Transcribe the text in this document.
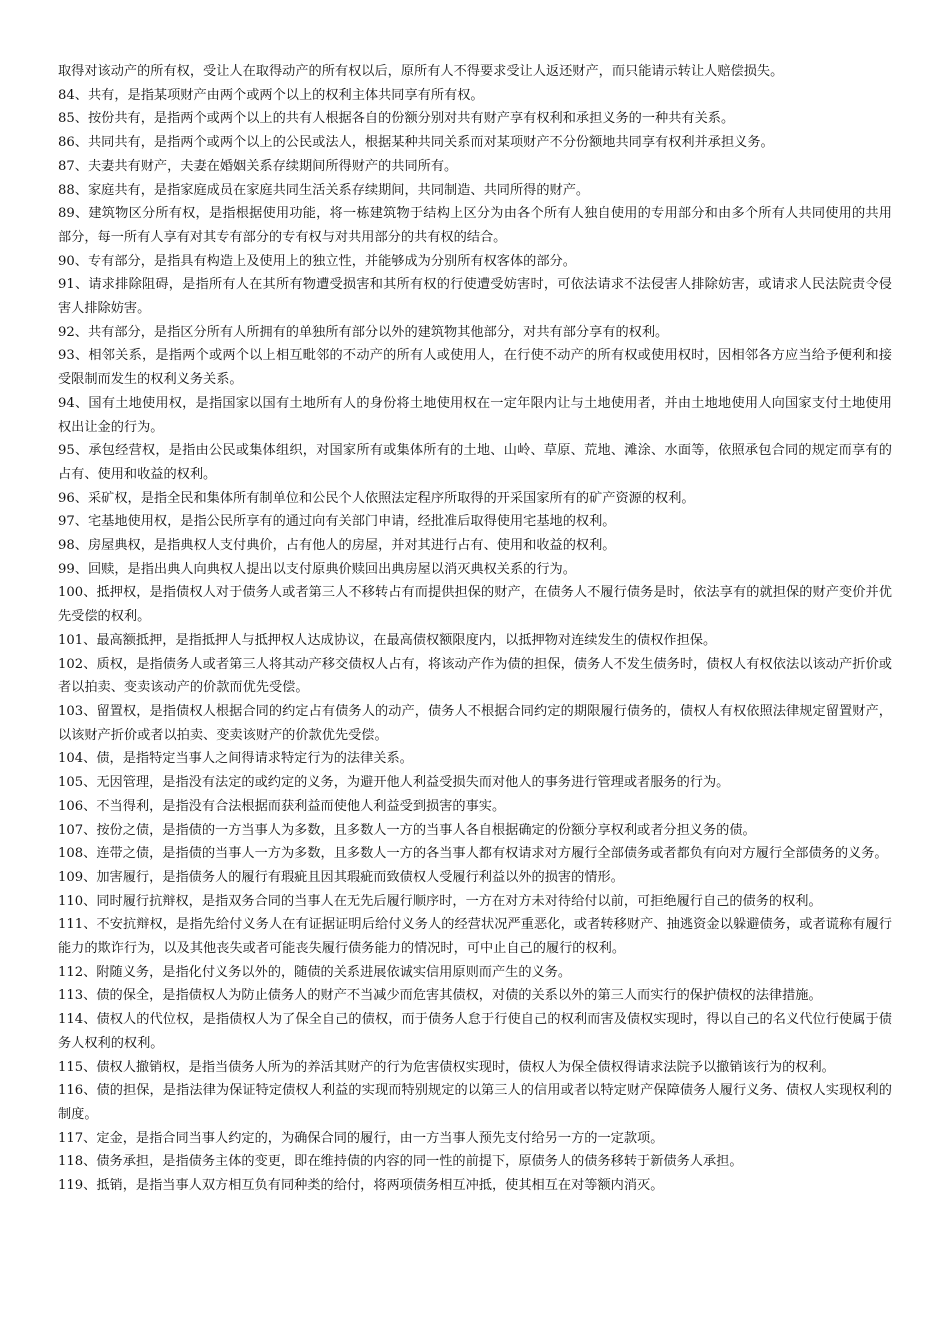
取得对该动产的所有权，受让人在取得动产的所有权以后，原所有人不得要求受让人返还财产，而只能请示转让人赔偿损失。

84、共有，是指某项财产由两个或两个以上的权利主体共同享有所有权。

85、按份共有，是指两个或两个以上的共有人根据各自的份额分别对共有财产享有权利和承担义务的一种共有关系。

86、共同共有，是指两个或两个以上的公民或法人，根据某种共同关系而对某项财产不分份额地共同享有权利并承担义务。

87、夫妻共有财产，夫妻在婚姻关系存续期间所得财产的共同所有。

88、家庭共有，是指家庭成员在家庭共同生活关系存续期间，共同制造、共同所得的财产。

89、建筑物区分所有权，是指根据使用功能，将一栋建筑物于结构上区分为由各个所有人独自使用的专用部分和由多个所有人共同使用的共用部分，每一所有人享有对其专有部分的专有权与对共用部分的共有权的结合。

90、专有部分，是指具有构造上及使用上的独立性，并能够成为分别所有权客体的部分。

91、请求排除阻碍，是指所有人在其所有物遭受损害和其所有权的行使遭受妨害时，可依法请求不法侵害人排除妨害，或请求人民法院责令侵害人排除妨害。

92、共有部分，是指区分所有人所拥有的单独所有部分以外的建筑物其他部分，对共有部分享有的权利。

93、相邻关系，是指两个或两个以上相互毗邻的不动产的所有人或使用人，在行使不动产的所有权或使用权时，因相邻各方应当给予便利和接受限制而发生的权利义务关系。

94、国有土地使用权，是指国家以国有土地所有人的身份将土地使用权在一定年限内让与土地使用者，并由土地地使用人向国家支付土地使用权出让金的行为。

95、承包经营权，是指由公民或集体组织，对国家所有或集体所有的土地、山岭、草原、荒地、滩涂、水面等，依照承包合同的规定而享有的占有、使用和收益的权利。

96、采矿权，是指全民和集体所有制单位和公民个人依照法定程序所取得的开采国家所有的矿产资源的权利。

97、宅基地使用权，是指公民所享有的通过向有关部门申请，经批准后取得使用宅基地的权利。

98、房屋典权，是指典权人支付典价，占有他人的房屋，并对其进行占有、使用和收益的权利。

99、回赎，是指出典人向典权人提出以支付原典价赎回出典房屋以消灭典权关系的行为。

100、抵押权，是指债权人对于债务人或者第三人不移转占有而提供担保的财产，在债务人不履行债务是时，依法享有的就担保的财产变价并优先受偿的权利。

101、最高额抵押，是指抵押人与抵押权人达成协议，在最高债权额限度内，以抵押物对连续发生的债权作担保。

102、质权，是指债务人或者第三人将其动产移交债权人占有，将该动产作为债的担保，债务人不发生债务时，债权人有权依法以该动产折价或者以拍卖、变卖该动产的价款而优先受偿。

103、留置权，是指债权人根据合同的约定占有债务人的动产，债务人不根据合同约定的期限履行债务的，债权人有权依照法律规定留置财产，以该财产折价或者以拍卖、变卖该财产的价款优先受偿。

104、债，是指特定当事人之间得请求特定行为的法律关系。

105、无因管理，是指没有法定的或约定的义务，为避开他人利益受损失而对他人的事务进行管理或者服务的行为。

106、不当得利，是指没有合法根据而获利益而使他人利益受到损害的事实。

107、按份之债，是指债的一方当事人为多数，且多数人一方的当事人各自根据确定的份额分享权利或者分担义务的债。

108、连带之债，是指债的当事人一方为多数，且多数人一方的各当事人都有权请求对方履行全部债务或者都负有向对方履行全部债务的义务。

109、加害履行，是指债务人的履行有瑕疵且因其瑕疵而致债权人受履行利益以外的损害的情形。

110、同时履行抗辩权，是指双务合同的当事人在无先后履行顺序时，一方在对方未对待给付以前，可拒绝履行自己的债务的权利。

111、不安抗辩权，是指先给付义务人在有证据证明后给付义务人的经营状况严重恶化，或者转移财产、抽逃资金以躲避债务，或者谎称有履行能力的欺诈行为，以及其他丧失或者可能丧失履行债务能力的情况时，可中止自己的履行的权利。

112、附随义务，是指化付义务以外的，随债的关系进展依诚实信用原则而产生的义务。

113、债的保全，是指债权人为防止债务人的财产不当减少而危害其债权，对债的关系以外的第三人而实行的保护债权的法律措施。

114、债权人的代位权，是指债权人为了保全自己的债权，而于债务人怠于行使自己的权利而害及债权实现时，得以自己的名义代位行使属于债务人权利的权利。

115、债权人撤销权，是指当债务人所为的养活其财产的行为危害债权实现时，债权人为保全债权得请求法院予以撤销该行为的权利。

116、债的担保，是指法律为保证特定债权人利益的实现而特别规定的以第三人的信用或者以特定财产保障债务人履行义务、债权人实现权利的制度。

117、定金，是指合同当事人约定的，为确保合同的履行，由一方当事人预先支付给另一方的一定款项。

118、债务承担，是指债务主体的变更，即在维持债的内容的同一性的前提下，原债务人的债务移转于新债务人承担。

119、抵销，是指当事人双方相互负有同种类的给付，将两项债务相互冲抵，使其相互在对等额内消灭。
